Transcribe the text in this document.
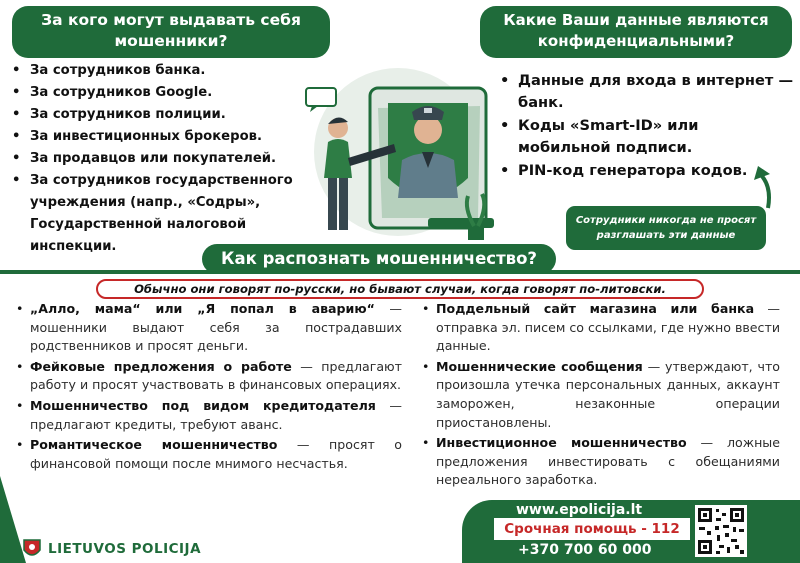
За кого могут выдавать себя мошенники?
• За сотрудников банка.
• За сотрудников Google.
• За сотрудников полиции.
• За инвестиционных брокеров.
• За продавцов или покупателей.
• За сотрудников государственного учреждения (напр., «Содры», Государственной налоговой инспекции.
Какие Ваши данные являются конфиденциальными?
• Данные для входа в интернет — банк.
• Коды «Smart-ID» или мобильной подписи.
• PIN-код генератора кодов.
Сотрудники никогда не просят разглашать эти данные
Как распознать мошенничество?
Обычно они говорят по-русски, но бывают случаи, когда говорят по-литовски.
• „Алло, мама“ или „Я попал в аварию“ — мошенники выдают себя за пострадавших родственников и просят деньги.
• Фейковые предложения о работе — предлагают работу и просят участвовать в финансовых операциях.
• Мошенничество под видом кредитодателя — предлагают кредиты, требуют аванс.
• Романтическое мошенничество — просят о финансовой помощи после мнимого несчастья.
• Поддельный сайт магазина или банка — отправка эл. писем со ссылками, где нужно ввести данные.
• Мошеннические сообщения — утверждают, что произошла утечка персональных данных, аккаунт заморожен, незаконные операции приостановлены.
• Инвестиционное мошенничество — ложные предложения инвестировать с обещаниями нереального заработка.
LIETUVOS POLICIJA
www.epolicija.lt
Срочная помощь - 112
+370 700 60 000
